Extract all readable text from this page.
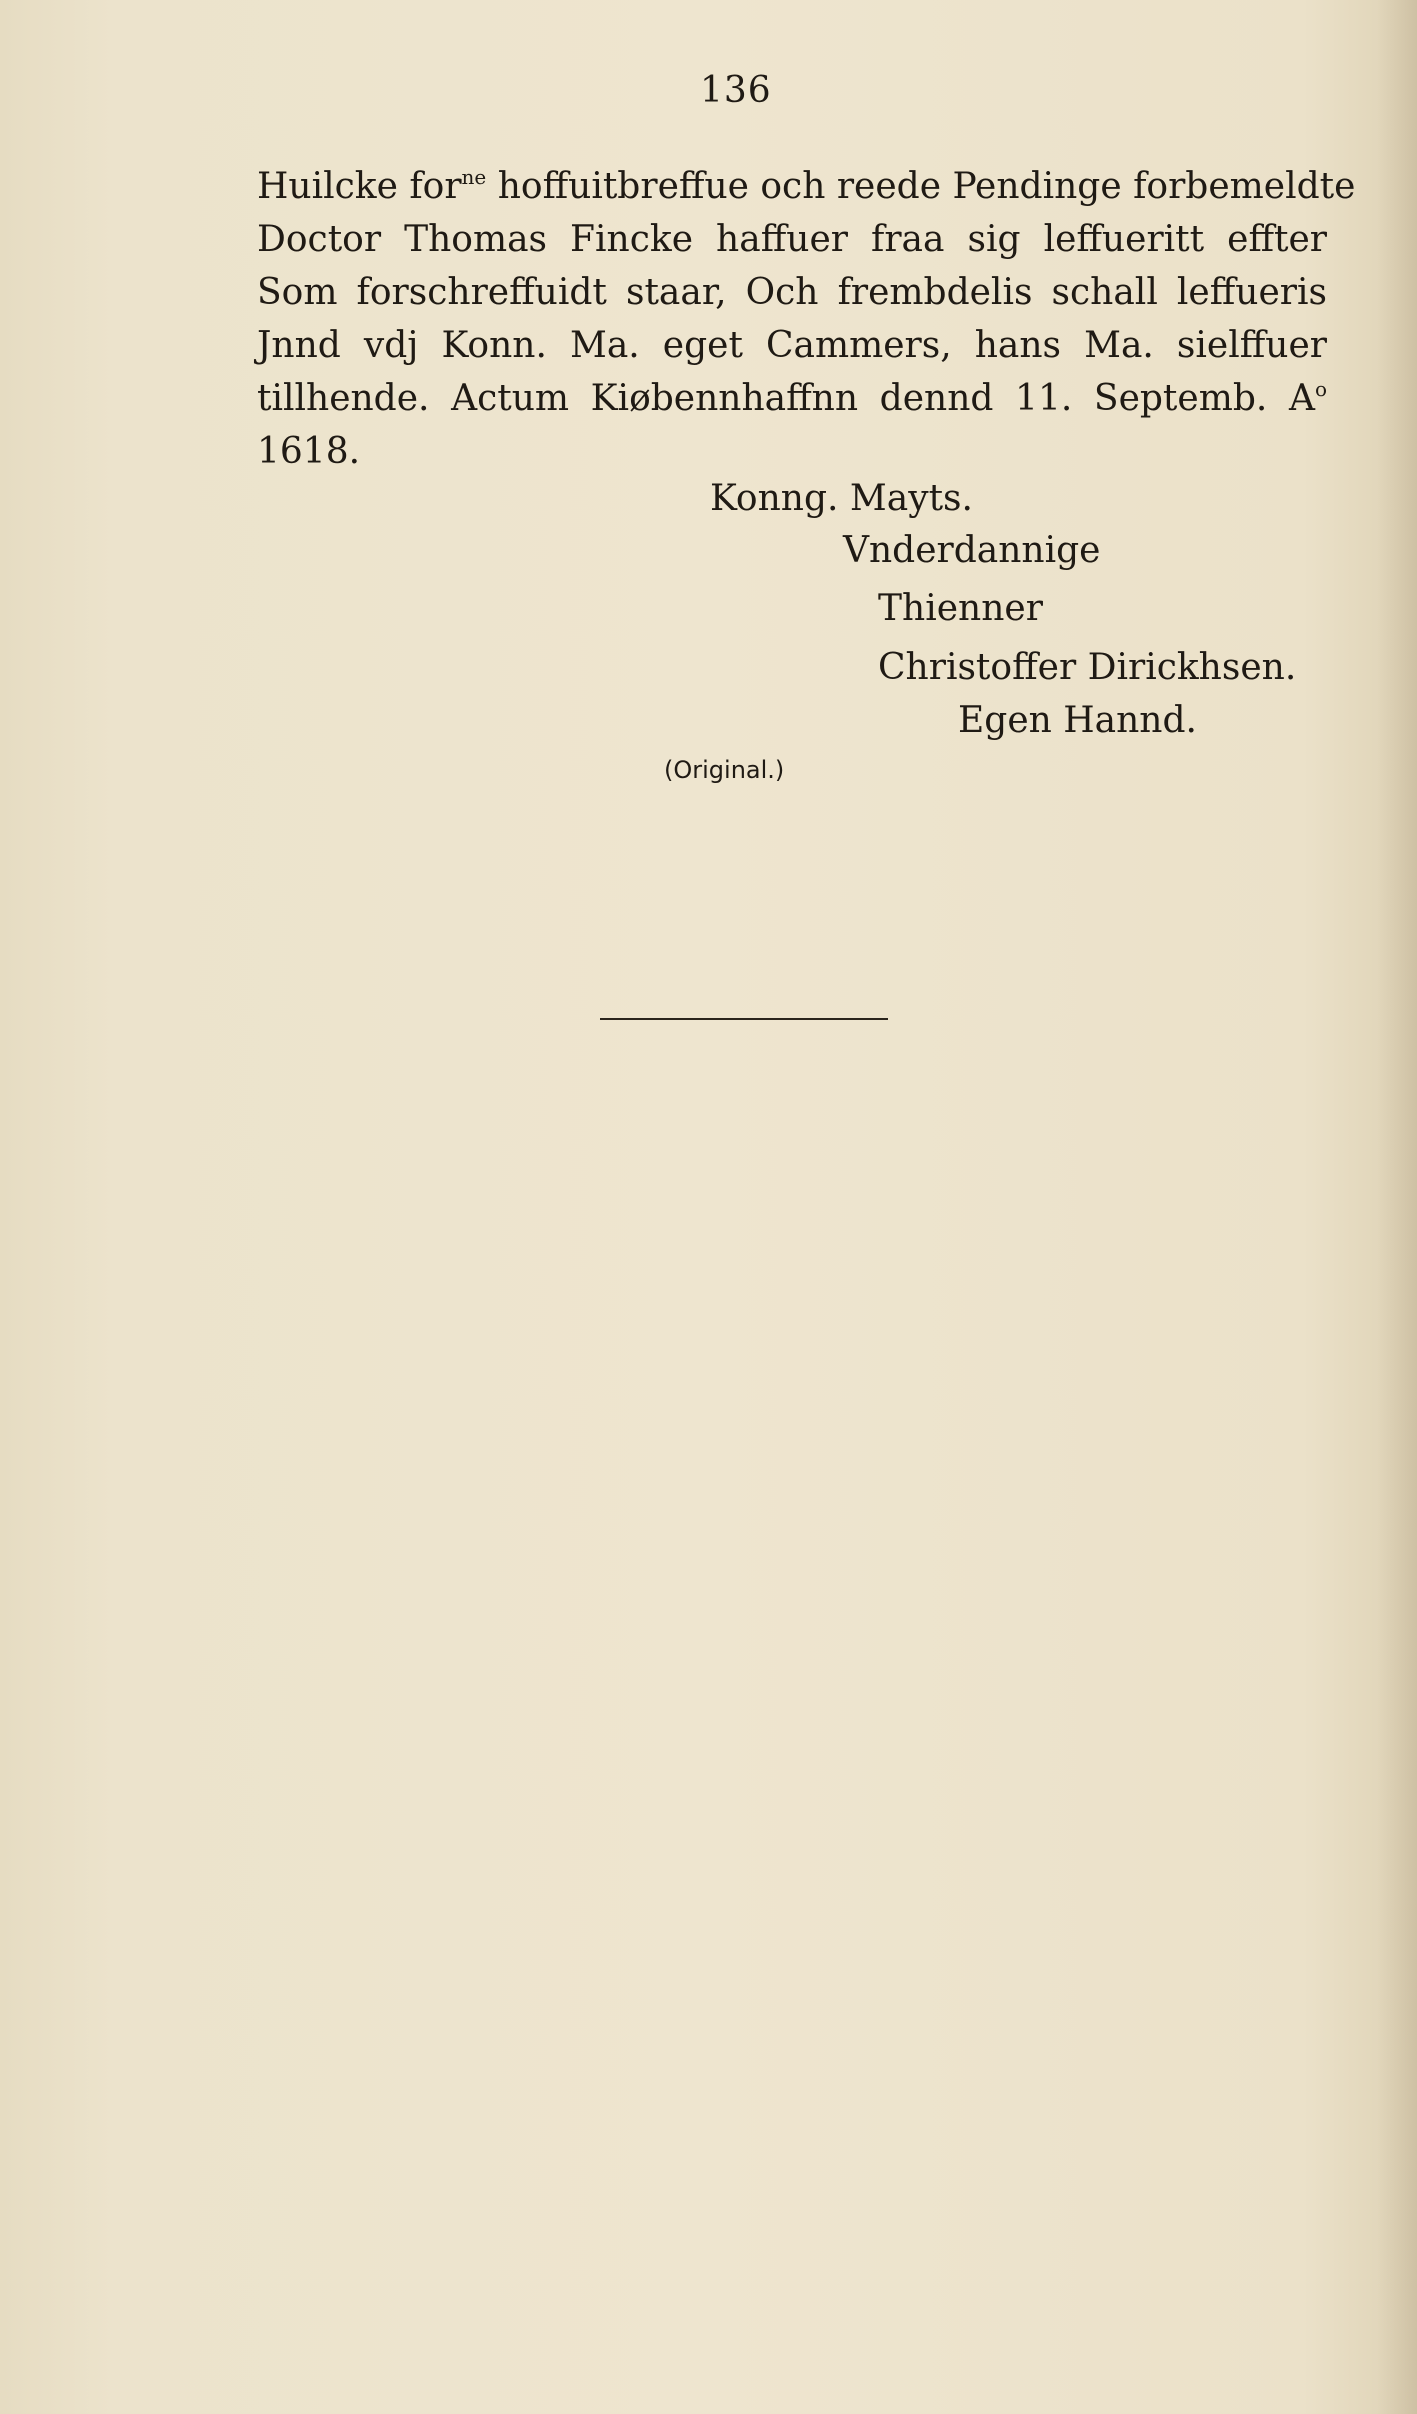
136
Huilcke for$^{ne}$ hoffuitbreffue och reede Pendinge forbemeldte
Doctor Thomas Fincke haffuer fraa sig leffueritt effter
Som forschreffuidt staar, Och frembdelis schall leffueris
Jnnd vdj Konn. Ma. eget Cammers, hans Ma. sielffuer
tillhende. Actum Kiøbennhaffnn dennd 11. Septemb. $A^o$
1618.
Konng. Mayts.
Vnderdannige
Thienner
Christoffer Dirickhsen.
Egen Hannd.
(Original.)
